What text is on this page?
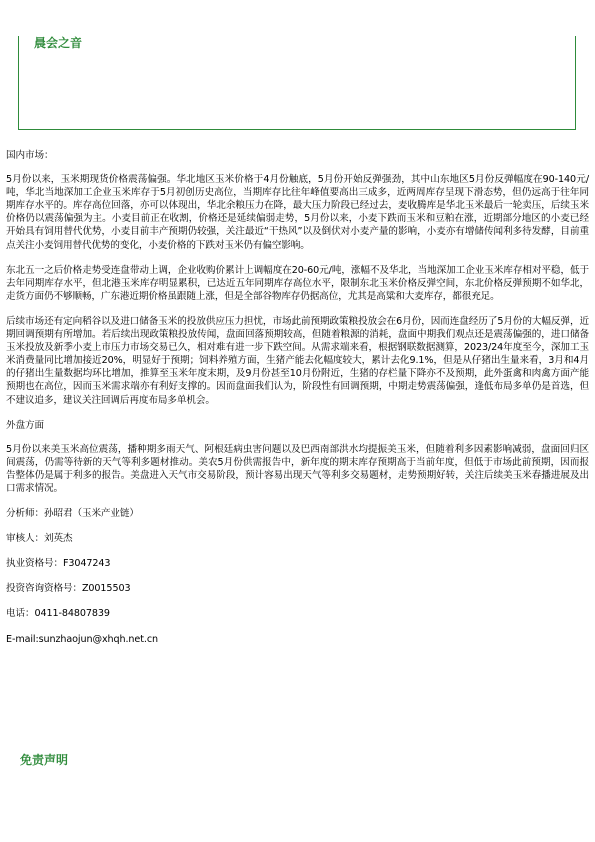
晨会之音

国内市场：

5月份以来，玉米期现货价格震荡偏强。华北地区玉米价格于4月份触底，5月份开始反弹强劲，其中山东地区5月份反弹幅度在90-140元/吨，华北当地深加工企业玉米库存于5月初创历史高位，当期库存比往年峰值要高出三成多，近两周库存呈现下滑态势，但仍远高于往年同期库存水平的。库存高位回落，亦可以体现出，华北余粮压力在降，最大压力阶段已经过去，麦收腾库是华北玉米最后一轮卖压，后续玉米价格仍以震荡偏强为主。小麦目前正在收割，价格还是延续偏弱走势，5月份以来，小麦下跌而玉米和豆粕在涨，近期部分地区的小麦已经开始具有饲用替代优势，小麦目前丰产预期仍较强，关注最近“干热风”以及倒伏对小麦产量的影响，小麦亦有增储传闻利多待发酵，目前重点关注小麦饲用替代优势的变化，小麦价格的下跌对玉米仍有偏空影响。

东北五一之后价格走势受连盘带动上调，企业收购价累计上调幅度在20-60元/吨，涨幅不及华北，当地深加工企业玉米库存相对平稳，低于去年同期库存水平，但北港玉米库存明显累积，已达近五年同期库存高位水平，限制东北玉米价格反弹空间，东北价格反弹预期不如华北，走货方面仍不够顺畅，广东港近期价格虽跟随上涨，但是全部谷物库存仍据高位，尤其是高粱和大麦库存，都很充足。

后续市场还有定向稻谷以及进口储备玉米的投放供应压力担忧，市场此前预期政策粮投放会在6月份，因而连盘经历了5月份的大幅反弹，近期回调预期有所增加。若后续出现政策粮投放传闻，盘面回落预期较高，但随着粮源的消耗，盘面中期我们观点还是震荡偏强的，进口储备玉米投放及新季小麦上市压力市场交易已久，相对难有进一步下跌空间。从需求端来看，根据钢联数据测算，2023/24年度至今，深加工玉米消费量同比增加接近20%，明显好于预期；饲料养殖方面，生猪产能去化幅度较大，累计去化9.1%，但是从仔猪出生量来看，3月和4月的仔猪出生量数据均环比增加，推算至玉米年度末期，及9月份甚至10月份附近，生猪的存栏量下降亦不及预期，此外蛋禽和肉禽方面产能预期也在高位，因而玉米需求端亦有利好支撑的。因而盘面我们认为，阶段性有回调预期，中期走势震荡偏强，逢低布局多单仍是首选，但不建议追多，建议关注回调后再度布局多单机会。

外盘方面

5月份以来美玉米高位震荡，播种期多雨天气、阿根廷病虫害问题以及巴西南部洪水均提振美玉米，但随着利多因素影响减弱，盘面回归区间震荡，仍需等待新的天气等利多题材推动。美农5月份供需报告中，新年度的期末库存预期高于当前年度，但低于市场此前预期，因而报告整体仍是属于利多的报告。美盘进入天气市交易阶段，预计容易出现天气等利多交易题材，走势预期好转，关注后续美玉米春播进展及出口需求情况。

分析师：孙昭君（玉米产业链）

审核人：刘英杰

执业资格号：F3047243

投资咨询资格号：Z0015503

电话：0411-84807839

E-mail:sunzhaojun@xhqh.net.cn

免责声明
